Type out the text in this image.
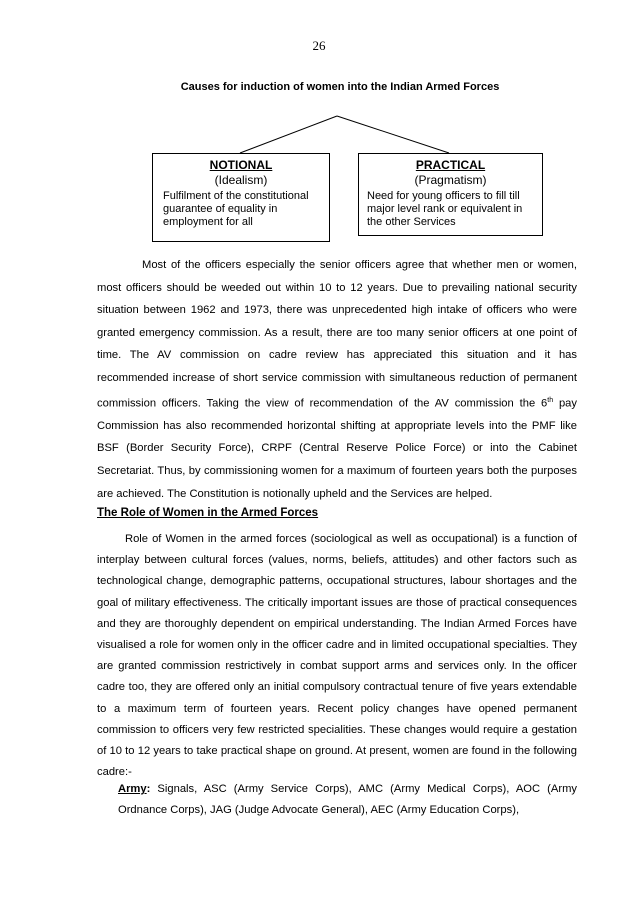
26
Causes for induction of women into the Indian Armed Forces
NOTIONAL
(Idealism)
Fulfilment of the constitutional guarantee of equality in employment for all
PRACTICAL
(Pragmatism)
Need for young officers to fill till major level rank or equivalent in the other Services
Most of the officers especially the senior officers agree that whether men or women, most officers should be weeded out within 10 to 12 years. Due to prevailing national security situation between 1962 and 1973, there was unprecedented high intake of officers who were granted emergency commission. As a result, there are too many senior officers at one point of time. The AV commission on cadre review has appreciated this situation and it has recommended increase of short service commission with simultaneous reduction of permanent commission officers. Taking the view of recommendation of the AV commission the 6th pay Commission has also recommended horizontal shifting at appropriate levels into the PMF like BSF (Border Security Force), CRPF (Central Reserve Police Force) or into the Cabinet Secretariat. Thus, by commissioning women for a maximum of fourteen years both the purposes are achieved. The Constitution is notionally upheld and the Services are helped.
The Role of Women in the Armed Forces
Role of Women in the armed forces (sociological as well as occupational) is a function of interplay between cultural forces (values, norms, beliefs, attitudes) and other factors such as technological change, demographic patterns, occupational structures, labour shortages and the goal of military effectiveness. The critically important issues are those of practical consequences and they are thoroughly dependent on empirical understanding. The Indian Armed Forces have visualised a role for women only in the officer cadre and in limited occupational specialties. They are granted commission restrictively in combat support arms and services only. In the officer cadre too, they are offered only an initial compulsory contractual tenure of five years extendable to a maximum term of fourteen years. Recent policy changes have opened permanent commission to officers very few restricted specialities. These changes would require a gestation of 10 to 12 years to take practical shape on ground. At present, women are found in the following cadre:-
Army: Signals, ASC (Army Service Corps), AMC (Army Medical Corps), AOC (Army Ordnance Corps), JAG (Judge Advocate General), AEC (Army Education Corps),
